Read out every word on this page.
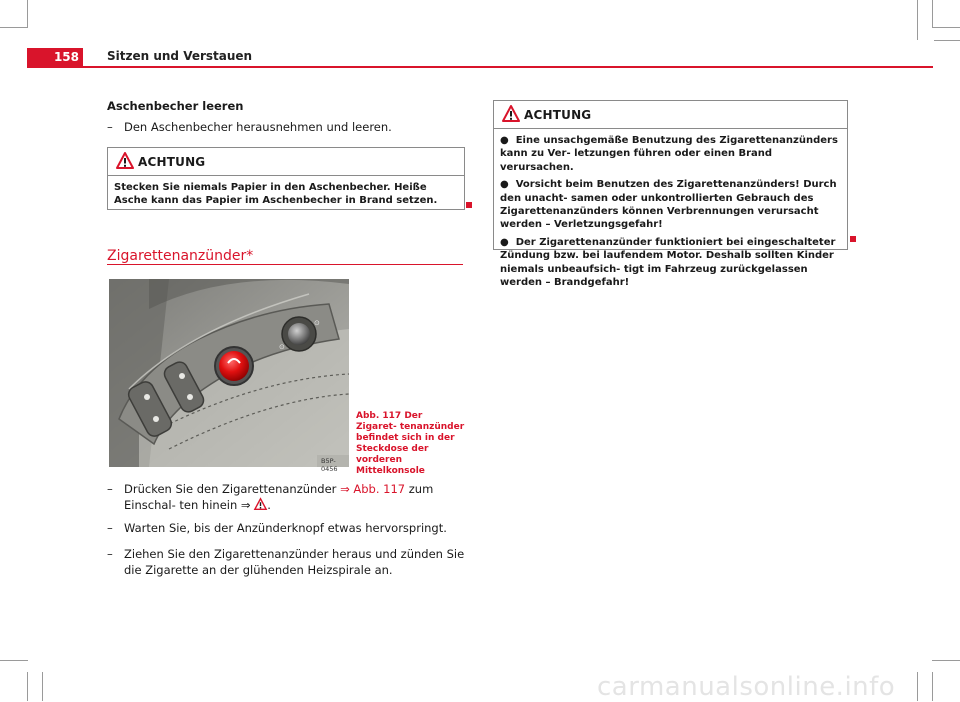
158	Sitzen und Verstauen
Aschenbecher leeren
– Den Aschenbecher herausnehmen und leeren.
ACHTUNG
Stecken Sie niemals Papier in den Aschenbecher. Heiße Asche kann das Papier im Aschenbecher in Brand setzen.
Zigarettenanzünder*
⊙
⊙
B5P-0456
Abb. 117 Der Zigaret- tenanzünder befindet sich in der Steckdose der vorderen Mittelkonsole
– Drücken Sie den Zigarettenanzünder ⇒ Abb. 117 zum Einschal- ten hinein ⇒ .
– Warten Sie, bis der Anzünderknopf etwas hervorspringt.
– Ziehen Sie den Zigarettenanzünder heraus und zünden Sie die Zigarette an der glühenden Heizspirale an.
ACHTUNG

●  Eine unsachgemäße Benutzung des Zigarettenanzünders kann zu Ver- letzungen führen oder einen Brand verursachen.

●  Vorsicht beim Benutzen des Zigarettenanzünders! Durch den unacht- samen oder unkontrollierten Gebrauch des Zigarettenanzünders können Verbrennungen verursacht werden – Verletzungsgefahr!

●  Der Zigarettenanzünder funktioniert bei eingeschalteter Zündung bzw. bei laufendem Motor. Deshalb sollten Kinder niemals unbeaufsich- tigt im Fahrzeug zurückgelassen werden – Brandgefahr!

carmanualsonline.info
